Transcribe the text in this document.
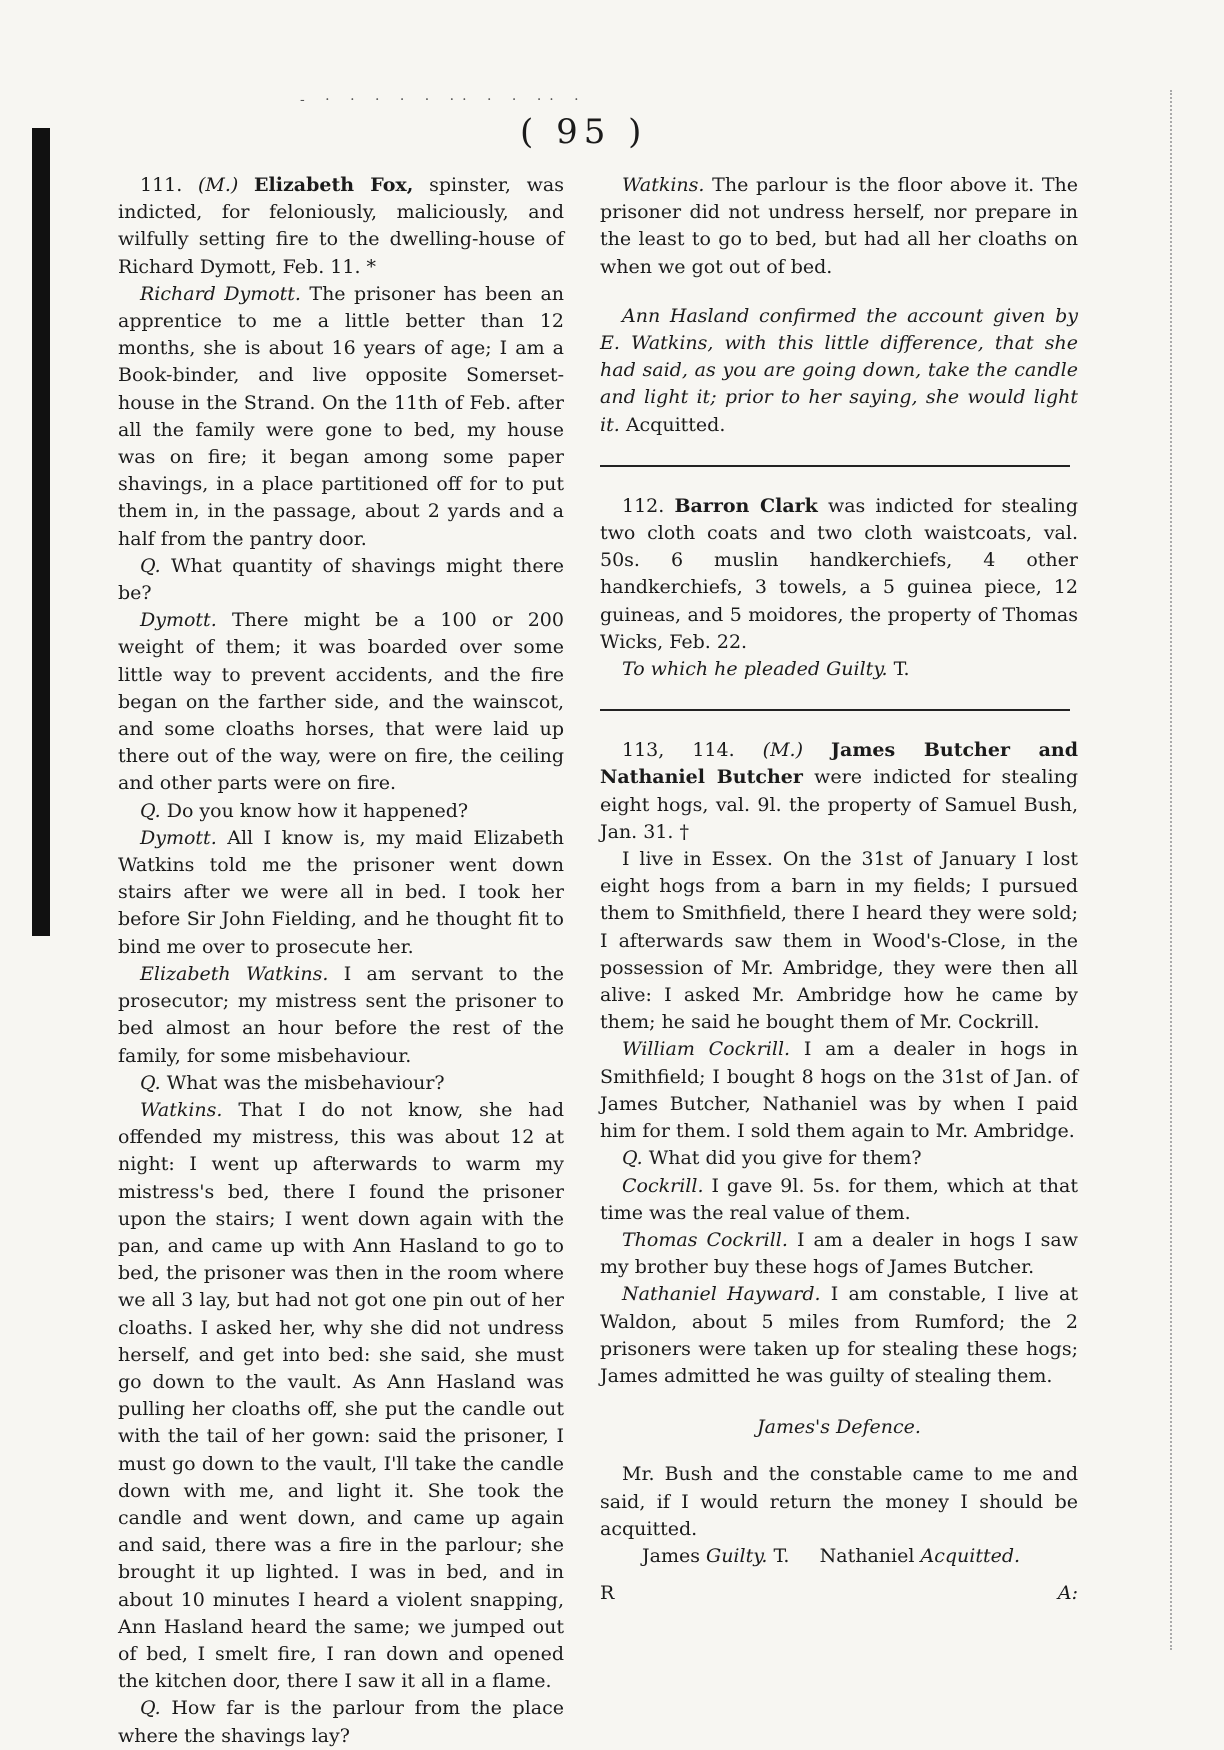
- · · · · · ·· · · ·· ·
( 95 )

111. (M.) Elizabeth Fox, spinster, was indicted, for feloniously, maliciously, and wilfully setting fire to the dwelling-house of Richard Dymott, Feb. 11. *

Richard Dymott. The prisoner has been an apprentice to me a little better than 12 months, she is about 16 years of age; I am a Book-binder, and live opposite Somerset-house in the Strand. On the 11th of Feb. after all the family were gone to bed, my house was on fire; it began among some paper shavings, in a place partitioned off for to put them in, in the passage, about 2 yards and a half from the pantry door.

Q. What quantity of shavings might there be?

Dymott. There might be a 100 or 200 weight of them; it was boarded over some little way to prevent accidents, and the fire began on the farther side, and the wainscot, and some cloaths horses, that were laid up there out of the way, were on fire, the ceiling and other parts were on fire.

Q. Do you know how it happened?

Dymott. All I know is, my maid Elizabeth Watkins told me the prisoner went down stairs after we were all in bed. I took her before Sir John Fielding, and he thought fit to bind me over to prosecute her.

Elizabeth Watkins. I am servant to the prosecutor; my mistress sent the prisoner to bed almost an hour before the rest of the family, for some misbehaviour.

Q. What was the misbehaviour?

Watkins. That I do not know, she had offended my mistress, this was about 12 at night: I went up afterwards to warm my mistress's bed, there I found the prisoner upon the stairs; I went down again with the pan, and came up with Ann Hasland to go to bed, the prisoner was then in the room where we all 3 lay, but had not got one pin out of her cloaths. I asked her, why she did not undress herself, and get into bed: she said, she must go down to the vault. As Ann Hasland was pulling her cloaths off, she put the candle out with the tail of her gown: said the prisoner, I must go down to the vault, I'll take the candle down with me, and light it. She took the candle and went down, and came up again and said, there was a fire in the parlour; she brought it up lighted. I was in bed, and in about 10 minutes I heard a violent snapping, Ann Hasland heard the same; we jumped out of bed, I smelt fire, I ran down and opened the kitchen door, there I saw it all in a flame.

Q. How far is the parlour from the place where the shavings lay?

Watkins. The parlour is the floor above it. The prisoner did not undress herself, nor prepare in the least to go to bed, but had all her cloaths on when we got out of bed.

Ann Hasland confirmed the account given by E. Watkins, with this little difference, that she had said, as you are going down, take the candle and light it; prior to her saying, she would light it. Acquitted.

112. Barron Clark was indicted for stealing two cloth coats and two cloth waistcoats, val. 50s. 6 muslin handkerchiefs, 4 other handkerchiefs, 3 towels, a 5 guinea piece, 12 guineas, and 5 moidores, the property of Thomas Wicks, Feb. 22.

To which he pleaded Guilty. T.

113, 114. (M.) James Butcher and Nathaniel Butcher were indicted for stealing eight hogs, val. 9l. the property of Samuel Bush, Jan. 31. †

I live in Essex. On the 31st of January I lost eight hogs from a barn in my fields; I pursued them to Smithfield, there I heard they were sold; I afterwards saw them in Wood's-Close, in the possession of Mr. Ambridge, they were then all alive: I asked Mr. Ambridge how he came by them; he said he bought them of Mr. Cockrill.

William Cockrill. I am a dealer in hogs in Smithfield; I bought 8 hogs on the 31st of Jan. of James Butcher, Nathaniel was by when I paid him for them. I sold them again to Mr. Ambridge.

Q. What did you give for them?

Cockrill. I gave 9l. 5s. for them, which at that time was the real value of them.

Thomas Cockrill. I am a dealer in hogs I saw my brother buy these hogs of James Butcher.

Nathaniel Hayward. I am constable, I live at Waldon, about 5 miles from Rumford; the 2 prisoners were taken up for stealing these hogs; James admitted he was guilty of stealing them.

James's Defence.

Mr. Bush and the constable came to me and said, if I would return the money I should be acquitted.

James Guilty. T. Nathaniel Acquitted.

R	A:
